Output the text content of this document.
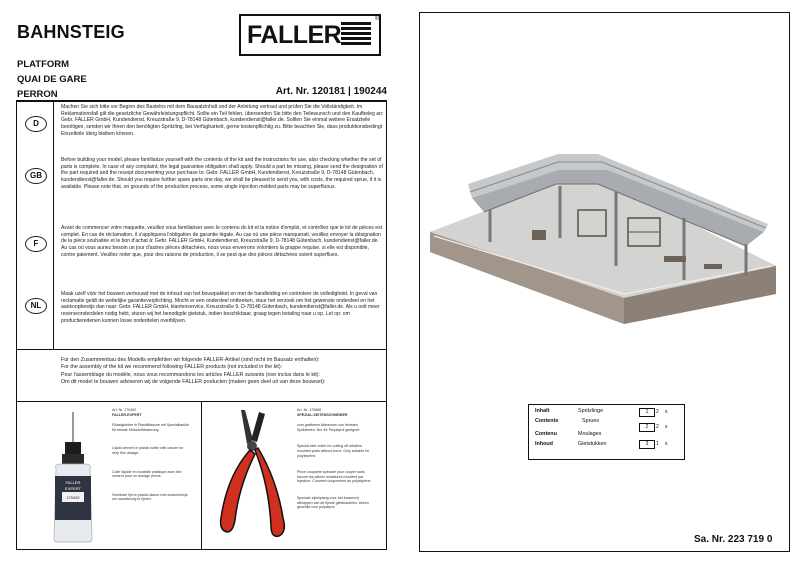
BAHNSTEIG
PLATFORM
QUAI DE GARE
PERRON
FALLER
®
Art. Nr. 120181 | 190244
D
Machen Sie sich bitte vor Beginn des Bastelns mit dem Bausatzinhalt und der Anleitung vertraut und prüfen Sie die Vollständigkeit. Im Reklamationsfall gilt die gesetzliche Gewährleistungspflicht. Sollte ein Teil fehlen, übersenden Sie bitte den Teilewunsch und den Kaufbeleg an: Gebr. FALLER GmbH, Kundendienst, Kreuzstraße 9, D-78148 Gütenbach, kundendienst@faller.de. Sollten Sie einmal weitere Ersatzteile benötigen, senden wir Ihnen den benötigten Spritzling, bei Verfügbarkeit, gerne kostenpflichtig zu. Bitte beachten Sie, dass produktionsbedingt Einzelteile übrig bleiben können.
GB
Before building your model, please familiarize yourself with the contents of the kit and the instructions for use, also checking whether the set of parts is complete. In case of any complaint, the legal guarantee obligation shall apply. Should a part be missing, please send the designation of the part required and the receipt documenting your purchase to: Gebr. FALLER GmbH, Kundendienst, Kreuzstraße 9, D-78148 Gütenbach, kundendienst@faller.de. Should you require further spare parts one day, we shall be pleased to send you, with costs, the required sprue, if it is available. Please note that, on grounds of the production process, some single injection molded parts may be superfluous.
F
Avant de commencer votre maquette, veuillez vous familiariser avec le contenu du kit et la notice d'emploi, et contrôlez que le lot de pièces est complet. En cas de réclamation, il s'appliquera l'obligation de garantie légale. Au cas où une pièce manquerait, veuillez envoyer la désignation de la pièce souhaitée et le bon d'achat à: Gebr. FALLER GmbH, Kundendienst, Kreuzstraße 9, D-78148 Gütenbach, kundendienst@faller.de. Au cas où vous auriez besoin un jour d'autres pièces détachées, nous vous enverrons volontiers la grappe requise, si elle est disponible, contre paiement. Veuillez noter que, pour des raisons de production, il se peut que des pièces détachées soient superflues.
NL
Maak uzelf vóór het bouwen vertrouwd met de inhoud van het bouwpakket en met de handleiding en controleer de volledigheid. In geval van reclamatie geldt de wettelijke garantieverplichting. Mocht er een onderdeel ontbreken, stuur het verzoek om het gewenste onderdeel en het aankoopbewijs dan naar: Gebr. FALLER GmbH, klantenservice, Kreuzstraße 9, D-78148 Gütenbach, kundendienst@faller.de. Als u ooit meer reserveonderdelen nodig hebt, sturen wij het benodigde gietstuk, indien beschikbaar, graag tegen betaling naar u op. Let op: om productieredenen kunnen losse onderdelen overblijven.
Für den Zusammenbau des Modells empfehlen wir folgende FALLER-Artikel (sind nicht im Bausatz enthalten):
For the assembly of the kit we recommend following FALLER products (not included in the kit):
Pour l'assemblage du modèle, nous vous recommandons les articles FALLER suivants (non inclus dans le kit):
Om dit model te bouwen adviseren wij de volgende FALLER producten (maken geen deel uit van deze bouwset):
FALLER
EXPERT
170492
Art. Nr. 170492
FALLER-EXPERT
Flüssigkleber in Plastikflasche mit Spezialkanüle für feinste Klebstoffdosierung.
Liquid cement in plastic bottle with canule for very fine dosage.
Colle liquide en bouteille plastique avec bec verseur pour un dosage précis.
Vloeibare lijm in plastic-flacon met doseerbuisje om nauwkeurig te lijmen.
Art. Nr. 170688
SPEZIAL-SEITENSCHNEIDER
zum gratfreien Abtrennen von feinsten Spritzteilen. Nur für Polystyrol geeignet.
Special side cutter for cutting off ultrafine moulded parts without burrs. Only suitable for polystyrene.
Pince coupante spéciale pour couper sans bavure les pièces miniatures moulées par injection. Convient uniquement au polystyrène.
Speciale zijkniptang voor het braamvrij afknippen van de fijnste gietstukdelen. Alleen geschikt voor polystyrol.
Inhalt	Spritzlinge
Contents	Sprues
Contenu	Moulages
Inhoud	Gietstukken
1	2 x
2	2 x
3	1 x
Sa. Nr. 223 719 0
